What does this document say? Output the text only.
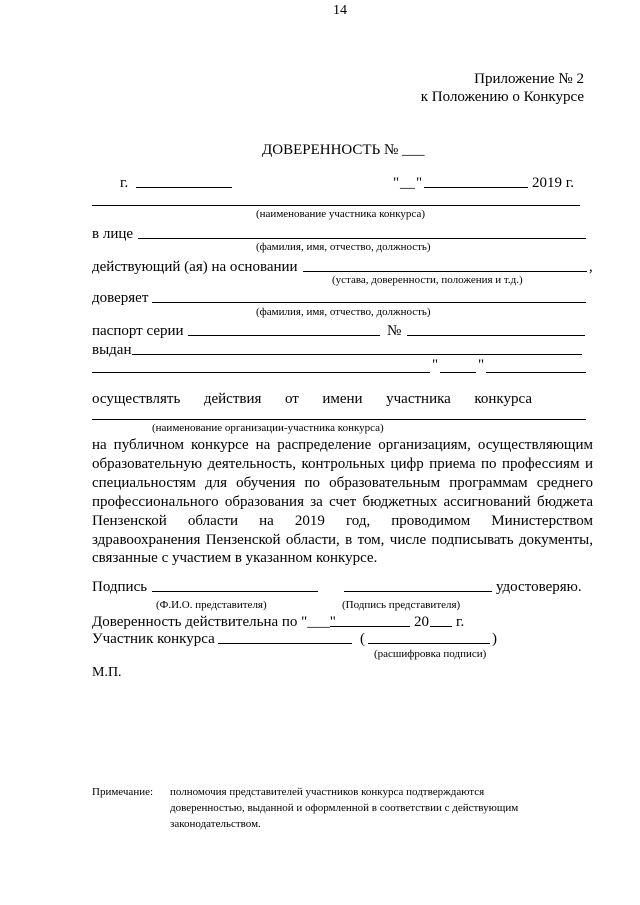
14
Приложение № 2
к Положению о Конкурсе
ДОВЕРЕННОСТЬ № ___
г.	" __ "	2019 г.
(наименование участника конкурса)
в лице
(фамилия, имя, отчество, должность)
действующий (ая) на основании	,
(устава, доверенности, положения и т.д.)
доверяет
(фамилия, имя, отчество, должность)
паспорт серии	№
выдан
"	"
осуществлять действия от имени участника конкурса
(наименование организации-участника конкурса)
на публичном конкурсе на распределение организациям, осуществляющим
образовательную деятельность, контрольных цифр приема по профессиям и
специальностям для обучения по образовательным программам среднего
профессионального образования за счет бюджетных ассигнований бюджета
Пензенской области на 2019 год, проводимом Министерством
здравоохранения Пензенской области, в том, числе подписывать документы,
связанные с участием в указанном конкурсе.
Подпись	удостоверяю.
(Ф.И.О. представителя)	(Подпись представителя)
Доверенность действительна по "___"	20 г.
Участник конкурса	(	)
(расшифровка подписи)
М.П.
Примечание: полномочия представителей участников конкурса подтверждаются
доверенностью, выданной и оформленной в соответствии с действующим
законодательством.
